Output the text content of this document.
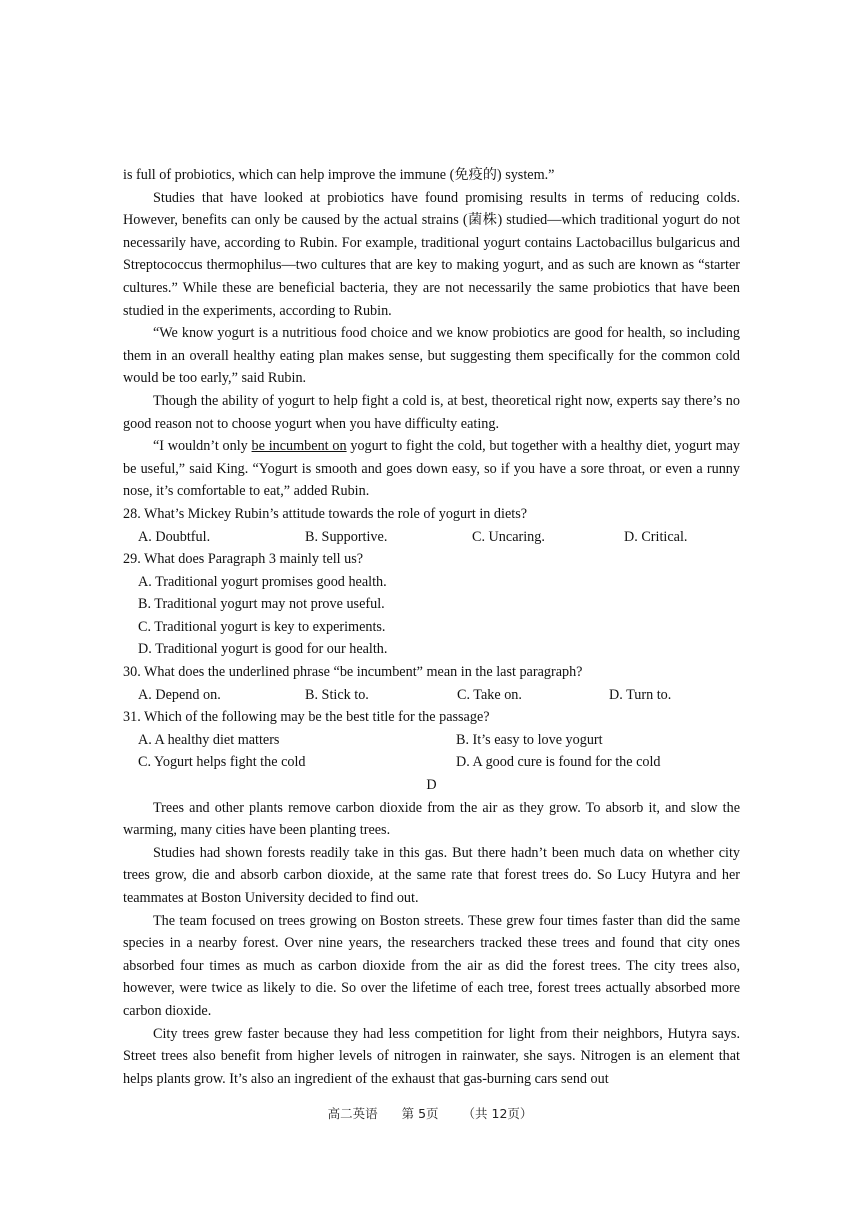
is full of probiotics, which can help improve the immune (免疫的) system.”

Studies that have looked at probiotics have found promising results in terms of reducing colds. However, benefits can only be caused by the actual strains (菌株) studied—which traditional yogurt do not necessarily have, according to Rubin. For example, traditional yogurt contains Lactobacillus bulgaricus and Streptococcus thermophilus—two cultures that are key to making yogurt, and as such are known as “starter cultures.” While these are beneficial bacteria, they are not necessarily the same probiotics that have been studied in the experiments, according to Rubin.

“We know yogurt is a nutritious food choice and we know probiotics are good for health, so including them in an overall healthy eating plan makes sense, but suggesting them specifically for the common cold would be too early,” said Rubin.

Though the ability of yogurt to help fight a cold is, at best, theoretical right now, experts say there’s no good reason not to choose yogurt when you have difficulty eating.

“I wouldn’t only be incumbent on yogurt to fight the cold, but together with a healthy diet, yogurt may be useful,” said King. “Yogurt is smooth and goes down easy, so if you have a sore throat, or even a runny nose, it’s comfortable to eat,” added Rubin.

28. What’s Mickey Rubin’s attitude towards the role of yogurt in diets?

A. Doubtful.	B. Supportive.	C. Uncaring.	D. Critical.

29. What does Paragraph 3 mainly tell us?

A. Traditional yogurt promises good health.

B. Traditional yogurt may not prove useful.

C. Traditional yogurt is key to experiments.

D. Traditional yogurt is good for our health.

30. What does the underlined phrase “be incumbent” mean in the last paragraph?

A. Depend on.	B. Stick to.	C. Take on.	D. Turn to.

31. Which of the following may be the best title for the passage?

A. A healthy diet matters	B. It’s easy to love yogurt
C. Yogurt helps fight the cold	D. A good cure is found for the cold

D

Trees and other plants remove carbon dioxide from the air as they grow. To absorb it, and slow the warming, many cities have been planting trees.

Studies had shown forests readily take in this gas. But there hadn’t been much data on whether city trees grow, die and absorb carbon dioxide, at the same rate that forest trees do. So Lucy Hutyra and her teammates at Boston University decided to find out.

The team focused on trees growing on Boston streets. These grew four times faster than did the same species in a nearby forest. Over nine years, the researchers tracked these trees and found that city ones absorbed four times as much as carbon dioxide from the air as did the forest trees. The city trees also, however, were twice as likely to die. So over the lifetime of each tree, forest trees actually absorbed more carbon dioxide.

City trees grew faster because they had less competition for light from their neighbors, Hutyra says. Street trees also benefit from higher levels of nitrogen in rainwater, she says. Nitrogen is an element that helps plants grow. It’s also an ingredient of the exhaust that gas-burning cars send out

高二英语 第 5页 （共 12页）
